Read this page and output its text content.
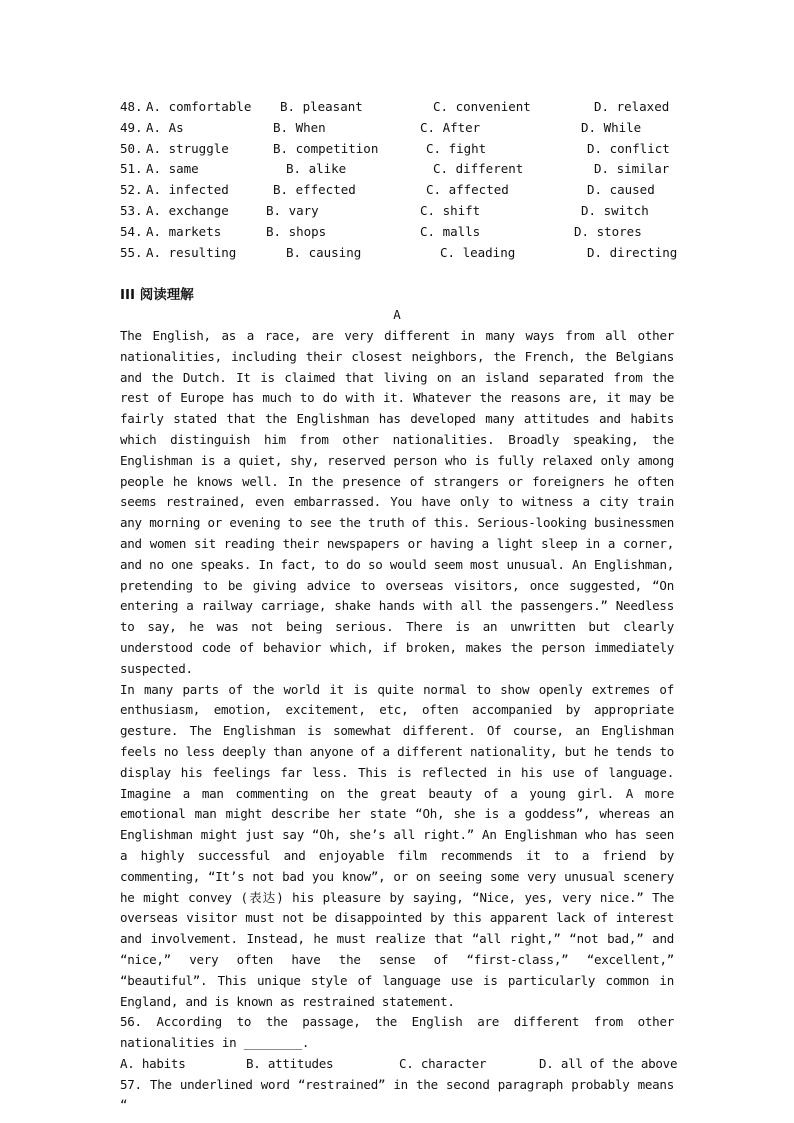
48. A. comfortable B. pleasant	C. convenient	D. relaxed
49. A. As	B. When	C. After	D. While
50. A. struggle	B. competition	C. fight	D. conflict
51. A. same	B. alike	C. different	D. similar
52. A. infected	B. effected	C. affected	D. caused
53. A. exchange	B. vary	C. shift	D. switch
54. A. markets	B. shops	C. malls	D. stores
55. A. resulting	B. causing	C. leading	D. directing
III 阅读理解
A

The English, as a race, are very different in many ways from all other nationalities, including their closest neighbors, the French, the Belgians and the Dutch. It is claimed that living on an island separated from the rest of Europe has much to do with it. Whatever the reasons are, it may be fairly stated that the Englishman has developed many attitudes and habits which distinguish him from other nationalities. Broadly speaking, the Englishman is a quiet, shy, reserved person who is fully relaxed only among people he knows well. In the presence of strangers or foreigners he often seems restrained, even embarrassed. You have only to witness a city train any morning or evening to see the truth of this. Serious-looking businessmen and women sit reading their newspapers or having a light sleep in a corner, and no one speaks. In fact, to do so would seem most unusual. An Englishman, pretending to be giving advice to overseas visitors, once suggested, “On entering a railway carriage, shake hands with all the passengers.” Needless to say, he was not being serious. There is an unwritten but clearly understood code of behavior which, if broken, makes the person immediately suspected.

In many parts of the world it is quite normal to show openly extremes of enthusiasm, emotion, excitement, etc, often accompanied by appropriate gesture. The Englishman is somewhat different. Of course, an Englishman feels no less deeply than anyone of a different nationality, but he tends to display his feelings far less. This is reflected in his use of language. Imagine a man commenting on the great beauty of a young girl. A more emotional man might describe her state “Oh, she is a goddess”, whereas an Englishman might just say “Oh, she’s all right.” An Englishman who has seen a highly successful and enjoyable film recommends it to a friend by commenting, “It’s not bad you know”, or on seeing some very unusual scenery he might convey (表达) his pleasure by saying, “Nice, yes, very nice.” The overseas visitor must not be disappointed by this apparent lack of interest and involvement. Instead, he must realize that “all right,” “not bad,” and “nice,” very often have the sense of “first-class,” “excellent,” “beautiful”. This unique style of language use is particularly common in England, and is known as restrained statement.

56. According to the passage, the English are different from other nationalities in ________.

A. habits	B. attitudes	C. character	D. all of the above

57. The underlined word “restrained” in the second paragraph probably means “
